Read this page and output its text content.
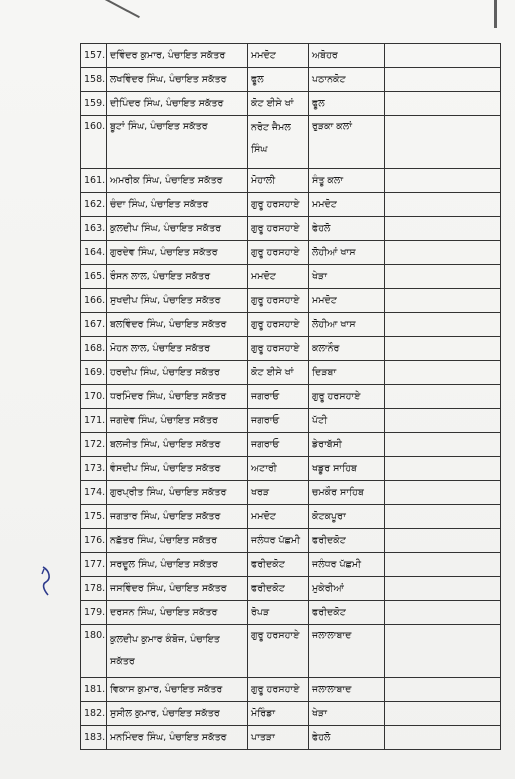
157.	ਦਵਿੰਦਰ ਕੁਮਾਰ, ਪੰਚਾਇਤ ਸਕੱਤਰ	ਮਮਦੋਟ	ਅਬੋਹਰ	
158.	ਲਖਵਿੰਦਰ ਸਿੰਘ, ਪੰਚਾਇਤ ਸਕੱਤਰ	ਫੂਲ	ਪਠਾਨਕੋਟ	
159.	ਦੀਪਿੰਦਰ ਸਿੰਘ, ਪੰਚਾਇਤ ਸਕੱਤਰ	ਕੋਟ ਈਸੇ ਖਾਂ	ਫੂਲ	
160.	ਬੂਟਾਂ ਸਿੰਘ, ਪੰਚਾਇਤ ਸਕੱਤਰ	ਨਰੋਟ ਜੈਮਲ ਸਿੰਘ	ਰੁੜਕਾ ਕਲਾਂ	
161.	ਅਮਰੀਕ ਸਿੰਘ, ਪੰਚਾਇਤ ਸਕੱਤਰ	ਮੋਹਾਲੀ	ਸੰਤੂ ਕਲਾ	
162.	ਚੰਦਾ ਸਿੰਘ, ਪੰਚਾਇਤ ਸਕੱਤਰ	ਗੁਰੂ ਹਰਸਹਾਏ	ਮਮਦੋਟ	
163.	ਕੁਲਦੀਪ ਸਿੰਘ, ਪੰਚਾਇਤ ਸਕੱਤਰ	ਗੁਰੂ ਹਰਸਹਾਏ	ਫੇਹਲੋ	
164.	ਗੁਰਦੇਵ ਸਿੰਘ, ਪੰਚਾਇਤ ਸਕੱਤਰ	ਗੁਰੂ ਹਰਸਹਾਏ	ਲੋਹੀਆਂ ਖਾਸ	
165.	ਰੌਸਨ ਲਾਲ, ਪੰਚਾਇਤ ਸਕੱਤਰ	ਮਮਦੋਟ	ਖੇੜਾ	
166.	ਸੁਖਦੀਪ ਸਿੰਘ, ਪੰਚਾਇਤ ਸਕੱਤਰ	ਗੁਰੂ ਹਰਸਹਾਏ	ਮਮਦੋਟ	
167.	ਬਲਵਿੰਦਰ ਸਿੰਘ, ਪੰਚਾਇਤ ਸਕੱਤਰ	ਗੁਰੂ ਹਰਸਹਾਏ	ਲੋਹੀਆ ਖਾਸ	
168.	ਮੋਹਨ ਲਾਲ, ਪੰਚਾਇਤ ਸਕੱਤਰ	ਗੁਰੂ ਹਰਸਹਾਏ	ਕਲਾਨੌਰ	
169.	ਹਰਦੀਪ ਸਿੰਘ, ਪੰਚਾਇਤ ਸਕੱਤਰ	ਕੋਟ ਈਸੇ ਖਾਂ	ਦਿੜਬਾ	
170.	ਧਰਮਿੰਦਰ ਸਿੰਘ, ਪੰਚਾਇਤ ਸਕੱਤਰ	ਜਗਰਾਓ	ਗੁਰੂ ਹਰਸਹਾਏ	
171.	ਜਗਦੇਵ ਸਿੰਘ, ਪੰਚਾਇਤ ਸਕੱਤਰ	ਜਗਰਾਓ	ਪੱਟੀ	
172.	ਬਲਜੀਤ ਸਿੰਘ, ਪੰਚਾਇਤ ਸਕੱਤਰ	ਜਗਰਾਓ	ਡੇਰਾਬੱਸੀ	
173.	ਵੰਸਦੀਪ ਸਿੰਘ, ਪੰਚਾਇਤ ਸਕੱਤਰ	ਅਟਾਰੀ	ਖਡੂਰ ਸਾਹਿਬ	
174.	ਗੁਰਪ੍ਰੀਤ ਸਿੰਘ, ਪੰਚਾਇਤ ਸਕੱਤਰ	ਖਰੜ	ਚਮਕੌਰ ਸਾਹਿਬ	
175.	ਜਗਤਾਰ ਸਿੰਘ, ਪੰਚਾਇਤ ਸਕੱਤਰ	ਮਮਦੋਟ	ਕੋਟਕਪੂਰਾ	
176.	ਨਛੱਤਰ ਸਿੰਘ, ਪੰਚਾਇਤ ਸਕੱਤਰ	ਜਲੰਧਰ ਪੱਛਮੀ	ਫਰੀਦਕੋਟ	
177.	ਸਰਦੂਲ ਸਿੰਘ, ਪੰਚਾਇਤ ਸਕੱਤਰ	ਫਰੀਦਕੋਟ	ਜਲੰਧਰ ਪੱਛਮੀ	
178.	ਜਸਵਿੰਦਰ ਸਿੰਘ, ਪੰਚਾਇਤ ਸਕੱਤਰ	ਫਰੀਦਕੋਟ	ਮੁਕੇਰੀਆਂ	
179.	ਦਰਸਨ ਸਿੰਘ, ਪੰਚਾਇਤ ਸਕੱਤਰ	ਰੋਪੜ	ਫਰੀਦਕੋਟ	
180.	ਕੁਲਦੀਪ ਕੁਮਾਰ ਕੰਬੋਜ, ਪੰਚਾਇਤ ਸਕੱਤਰ	ਗੁਰੂ ਹਰਸਹਾਏ	ਜਲਾਲਾਬਾਦ	
181.	ਵਿਕਾਸ ਕੁਮਾਰ, ਪੰਚਾਇਤ ਸਕੱਤਰ	ਗੁਰੂ ਹਰਸਹਾਏ	ਜਲਾਲਾਬਾਦ	
182.	ਸੁਸੀਲ ਕੁਮਾਰ, ਪੰਚਾਇਤ ਸਕੱਤਰ	ਮੋਰਿੰਡਾ	ਖੇੜਾ	
183.	ਮਨਮਿੰਦਰ ਸਿੰਘ, ਪੰਚਾਇਤ ਸਕੱਤਰ	ਪਾਤੜਾ	ਫੇਹਲੋ	
